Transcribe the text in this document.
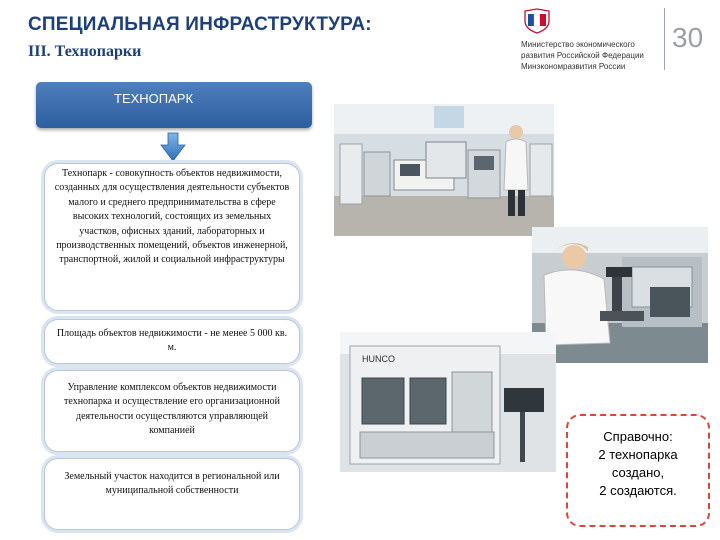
СПЕЦИАЛЬНАЯ ИНФРАСТРУКТУРА:
III. Технопарки	Министерство экономического
развития Российской Федерации
Минэкономразвития России
30
ТЕХНОПАРК
Технопарк - совокупность объектов недвижимости, созданных для осуществления деятельности субъектов малого и среднего предпринимательства в сфере высоких технологий, состоящих из земельных участков, офисных зданий, лабораторных и производственных помещений, объектов инженерной, транспортной, жилой и социальной инфраструктуры
Площадь объектов недвижимости - не менее 5 000 кв. м.
Управление комплексом объектов недвижимости технопарка и осуществление его организационной деятельности осуществляются управляющей компанией
Земельный участок находится в региональной или муниципальной собственности
HUNCO
Справочно:
2 технопарка
создано,
2 создаются.
